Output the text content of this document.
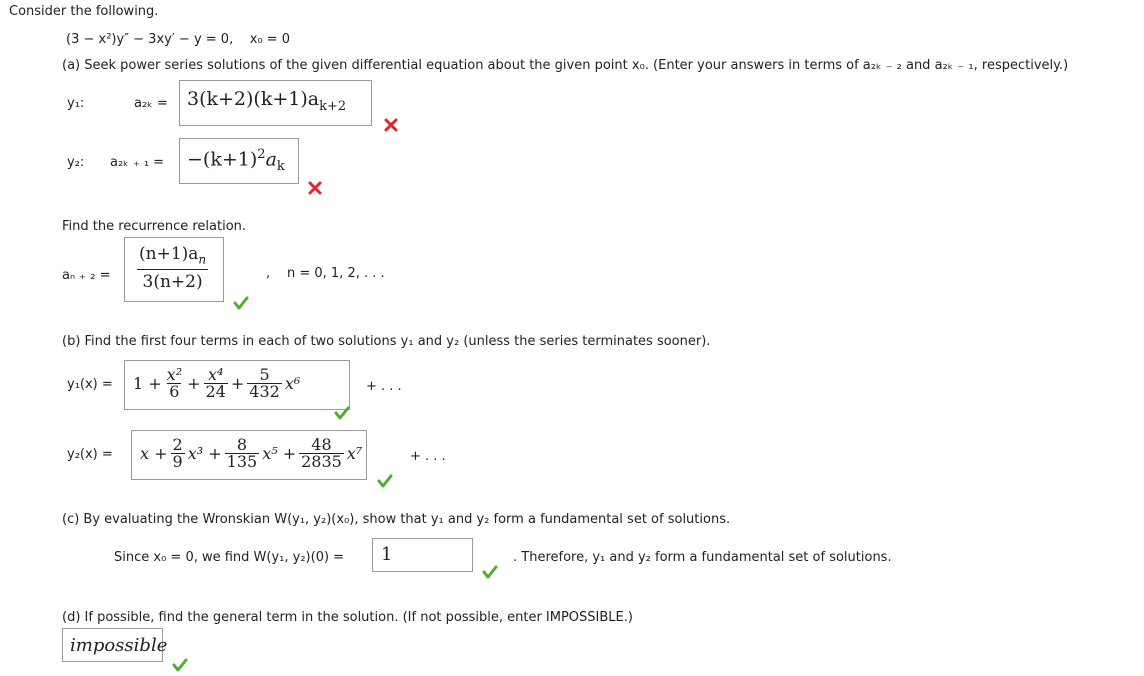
Consider the following.
(3 − x²)y″ − 3xy′ − y = 0, x₀ = 0
(a) Seek power series solutions of the given differential equation about the given point x₀. (Enter your answers in terms of a₂ₖ ₋ ₂ and a₂ₖ ₋ ₁, respectively.)
y₁:	$a_{2k} = 3(k+2)(k+1)a_{k+2}$
y₂: a₂ₖ ₊ $_1 = -(k+1)^2a_k$
Find the recurrence relation.
aₙ ₊ ₂ =
$(n+1)a_n$
3(n+2)	, n = 0, 1, 2, . . .
(b) Find the first four terms in each of two solutions y₁ and y₂ (unless the series terminates sooner).
$y_1(x) = 1 + \frac{\text{x²}}{6} + \frac{\text{x⁴}}{24} + \frac{5}{432} x^6$	+ . . .
$y_2(x) = x + \frac{2}{9} x^3 + \frac{8}{135} x^5 + \frac{48}{2835} x^7$	+ . . .
(c) By evaluating the Wronskian W(y₁, y₂)(x₀), show that y₁ and y₂ form a fundamental set of solutions.
Since x₀ = 0, we find W(y₁, y₂)(0) = 1	. Therefore, y₁ and y₂ form a fundamental set of solutions.
(d) If possible, find the general term in the solution. (If not possible, enter IMPOSSIBLE.)
impossible
